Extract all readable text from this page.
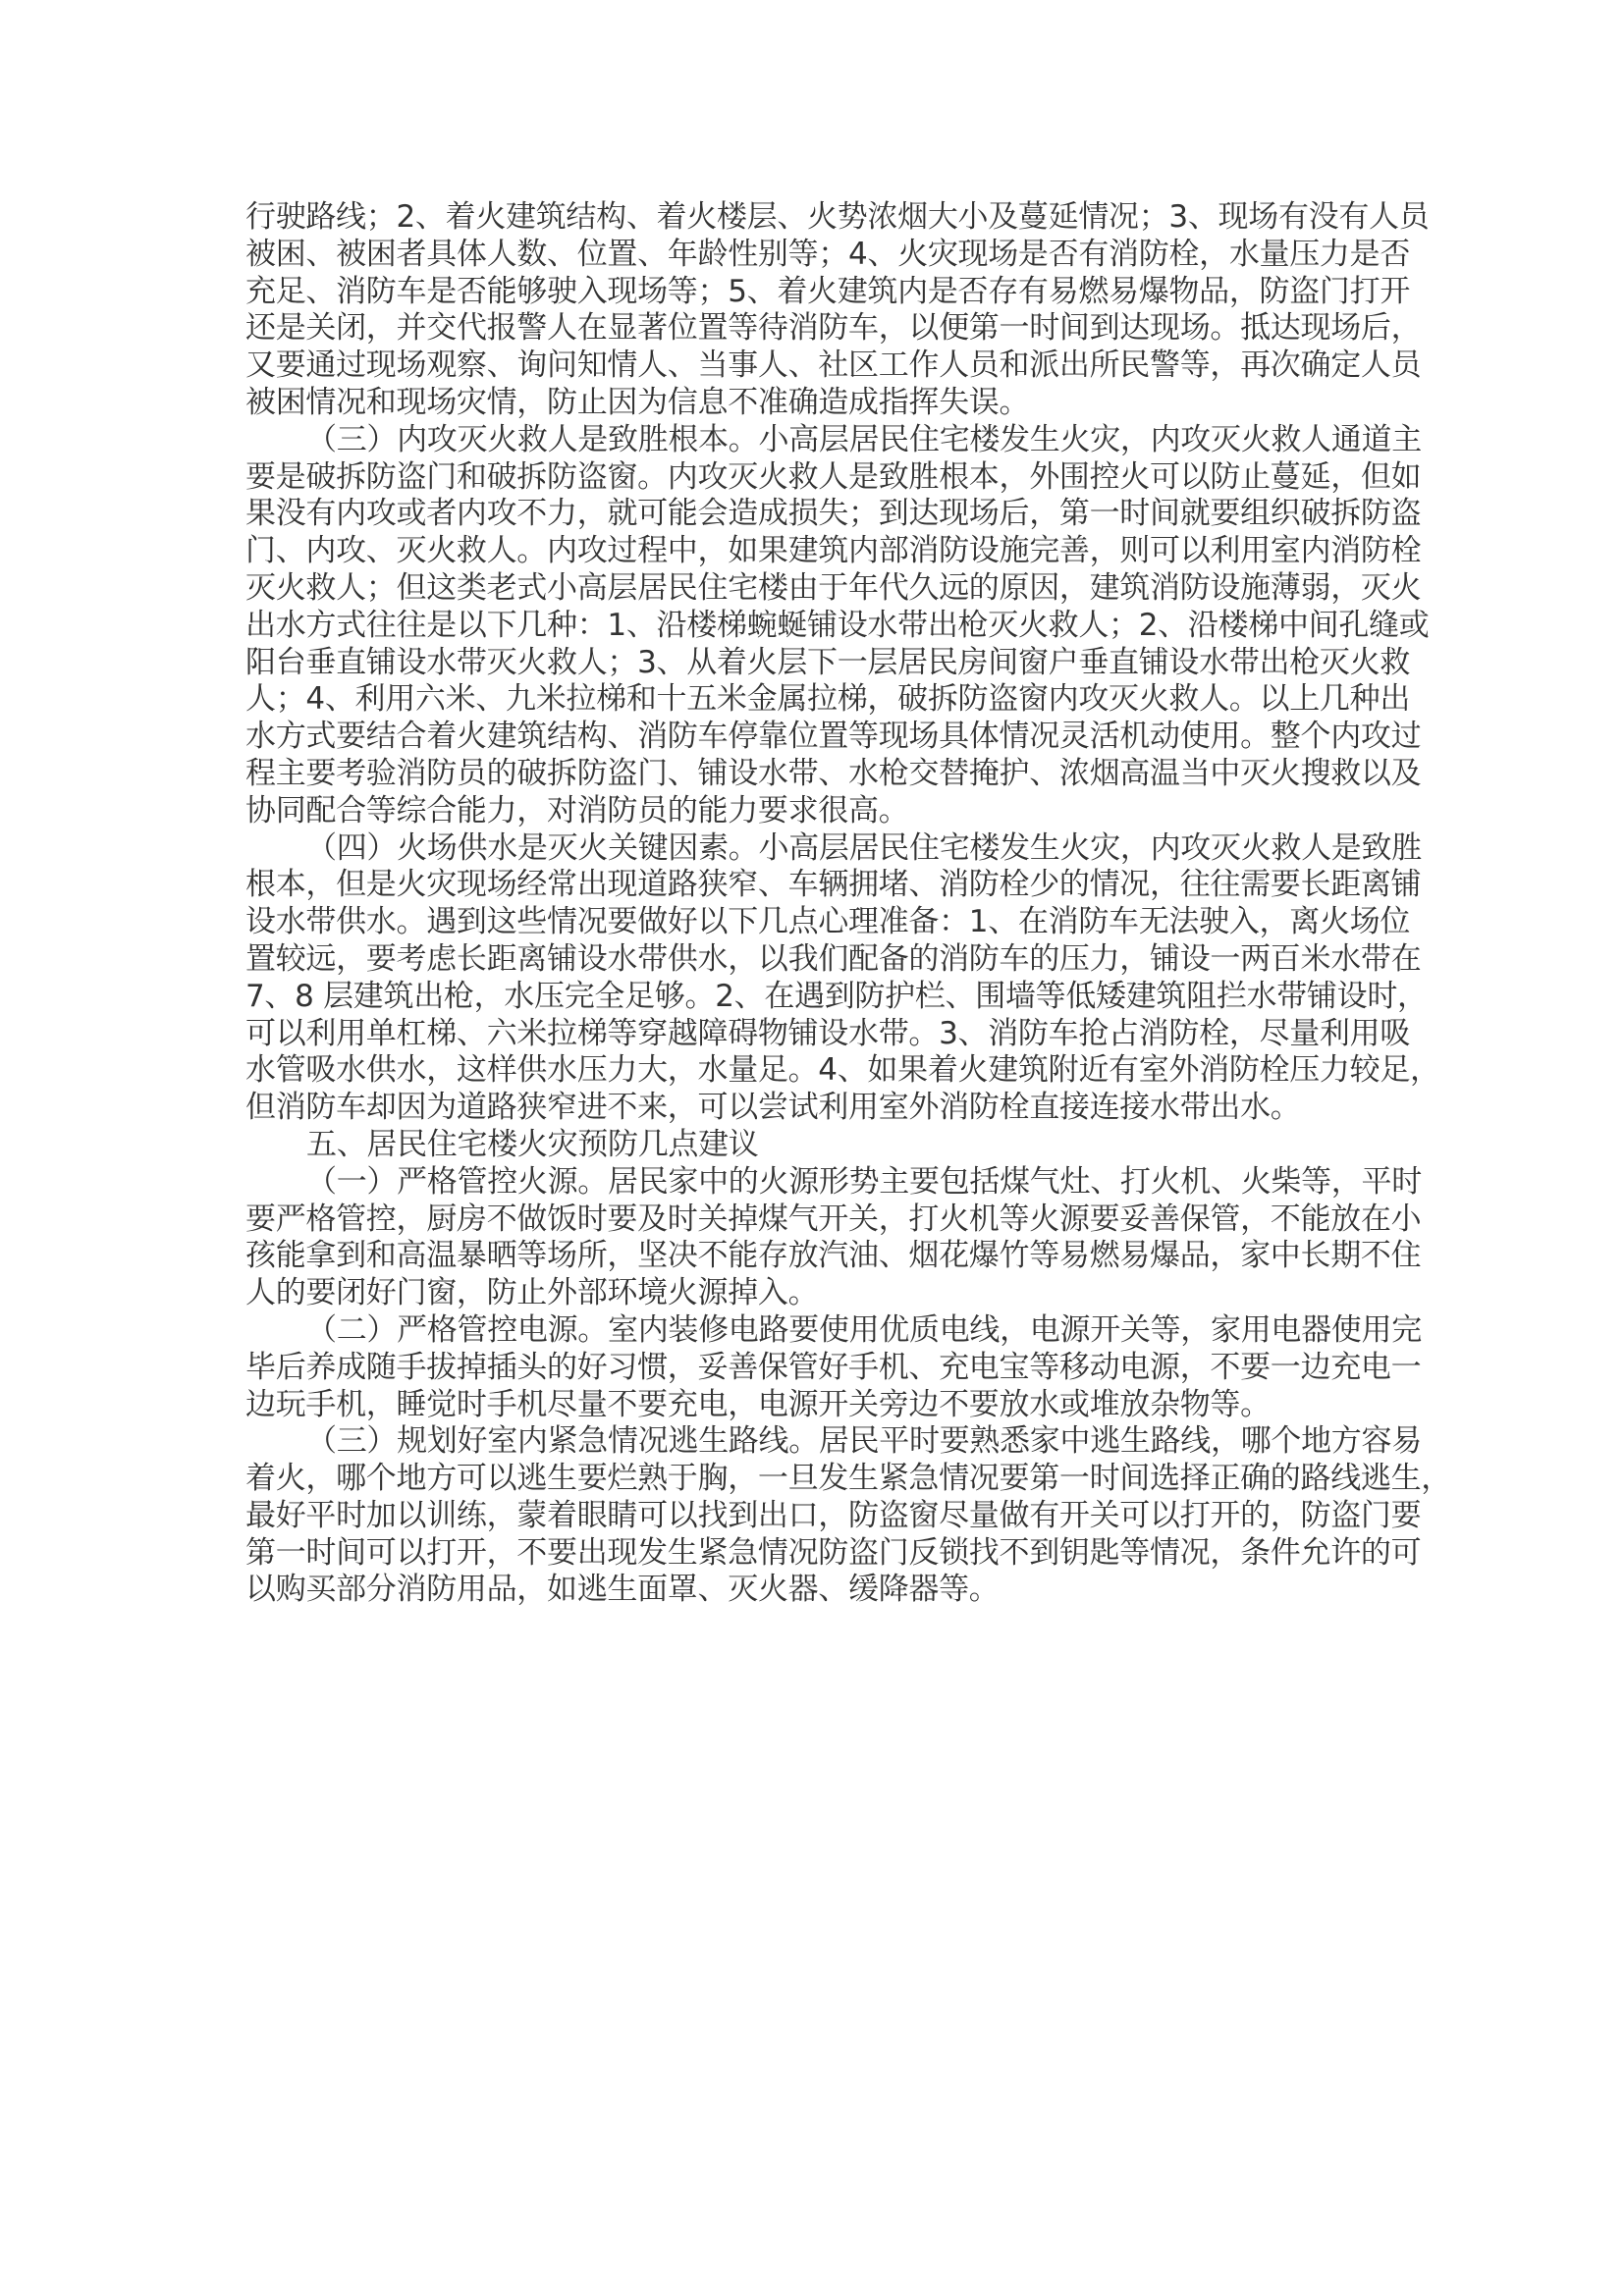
行驶路线；2、着火建筑结构、着火楼层、火势浓烟大小及蔓延情况；3、现场有没有人员
被困、被困者具体人数、位置、年龄性别等；4、火灾现场是否有消防栓，水量压力是否
充足、消防车是否能够驶入现场等；5、着火建筑内是否存有易燃易爆物品，防盗门打开
还是关闭，并交代报警人在显著位置等待消防车，以便第一时间到达现场。抵达现场后，
又要通过现场观察、询问知情人、当事人、社区工作人员和派出所民警等，再次确定人员
被困情况和现场灾情，防止因为信息不准确造成指挥失误。
（三）内攻灭火救人是致胜根本。小高层居民住宅楼发生火灾，内攻灭火救人通道主
要是破拆防盗门和破拆防盗窗。内攻灭火救人是致胜根本，外围控火可以防止蔓延，但如
果没有内攻或者内攻不力，就可能会造成损失；到达现场后，第一时间就要组织破拆防盗
门、内攻、灭火救人。内攻过程中，如果建筑内部消防设施完善，则可以利用室内消防栓
灭火救人；但这类老式小高层居民住宅楼由于年代久远的原因，建筑消防设施薄弱，灭火
出水方式往往是以下几种：1、沿楼梯蜿蜒铺设水带出枪灭火救人；2、沿楼梯中间孔缝或
阳台垂直铺设水带灭火救人；3、从着火层下一层居民房间窗户垂直铺设水带出枪灭火救
人；4、利用六米、九米拉梯和十五米金属拉梯，破拆防盗窗内攻灭火救人。以上几种出
水方式要结合着火建筑结构、消防车停靠位置等现场具体情况灵活机动使用。整个内攻过
程主要考验消防员的破拆防盗门、铺设水带、水枪交替掩护、浓烟高温当中灭火搜救以及
协同配合等综合能力，对消防员的能力要求很高。
（四）火场供水是灭火关键因素。小高层居民住宅楼发生火灾，内攻灭火救人是致胜
根本，但是火灾现场经常出现道路狭窄、车辆拥堵、消防栓少的情况，往往需要长距离铺
设水带供水。遇到这些情况要做好以下几点心理准备：1、在消防车无法驶入，离火场位
置较远，要考虑长距离铺设水带供水，以我们配备的消防车的压力，铺设一两百米水带在
7、8 层建筑出枪，水压完全足够。2、在遇到防护栏、围墙等低矮建筑阻拦水带铺设时，
可以利用单杠梯、六米拉梯等穿越障碍物铺设水带。3、消防车抢占消防栓，尽量利用吸
水管吸水供水，这样供水压力大，水量足。4、如果着火建筑附近有室外消防栓压力较足，
但消防车却因为道路狭窄进不来，可以尝试利用室外消防栓直接连接水带出水。
五、居民住宅楼火灾预防几点建议
（一）严格管控火源。居民家中的火源形势主要包括煤气灶、打火机、火柴等，平时
要严格管控，厨房不做饭时要及时关掉煤气开关，打火机等火源要妥善保管，不能放在小
孩能拿到和高温暴晒等场所，坚决不能存放汽油、烟花爆竹等易燃易爆品，家中长期不住
人的要闭好门窗，防止外部环境火源掉入。
（二）严格管控电源。室内装修电路要使用优质电线，电源开关等，家用电器使用完
毕后养成随手拔掉插头的好习惯，妥善保管好手机、充电宝等移动电源，不要一边充电一
边玩手机，睡觉时手机尽量不要充电，电源开关旁边不要放水或堆放杂物等。
（三）规划好室内紧急情况逃生路线。居民平时要熟悉家中逃生路线，哪个地方容易
着火，哪个地方可以逃生要烂熟于胸，一旦发生紧急情况要第一时间选择正确的路线逃生，
最好平时加以训练，蒙着眼睛可以找到出口，防盗窗尽量做有开关可以打开的，防盗门要
第一时间可以打开，不要出现发生紧急情况防盗门反锁找不到钥匙等情况，条件允许的可
以购买部分消防用品，如逃生面罩、灭火器、缓降器等。
